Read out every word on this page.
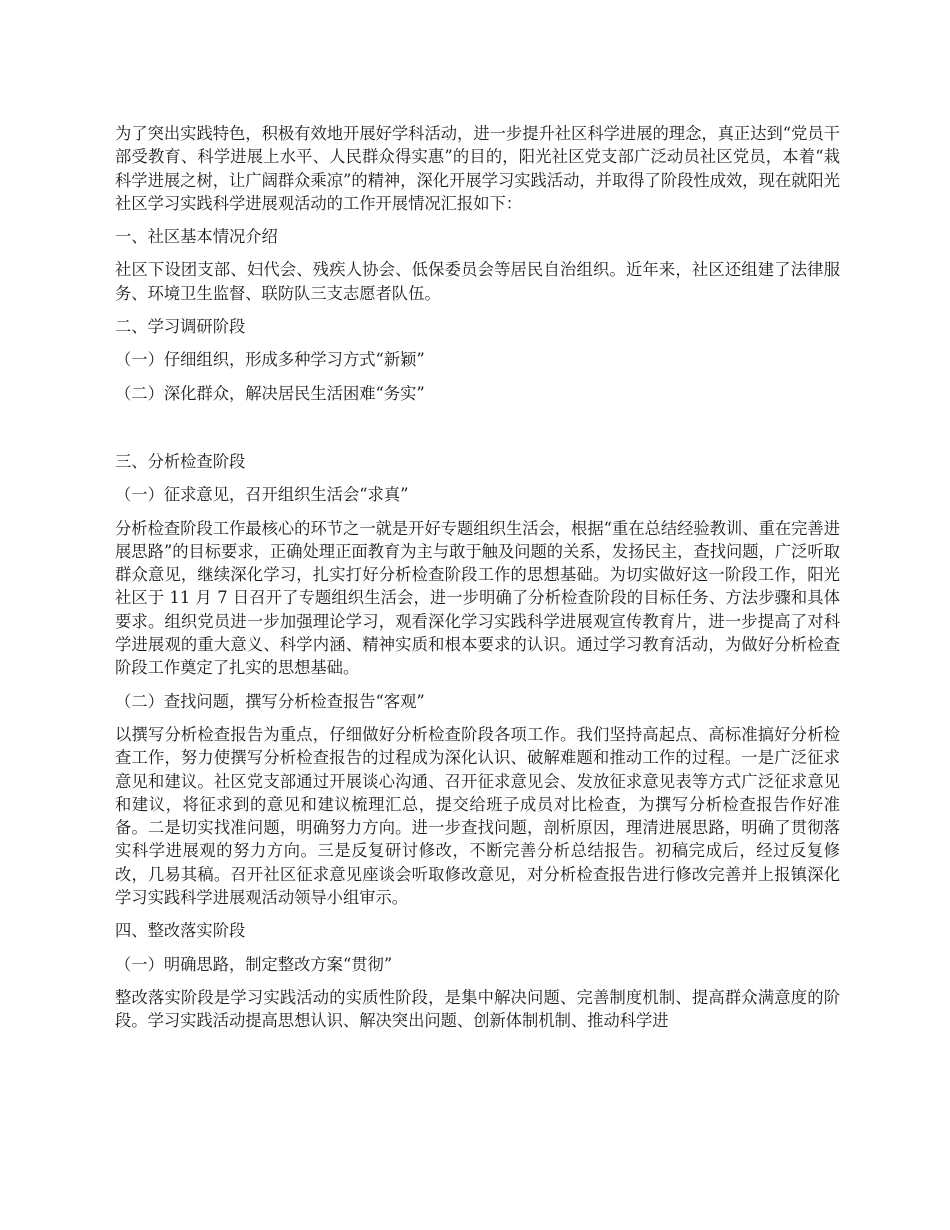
为了突出实践特色，积极有效地开展好学科活动，进一步提升社区科学进展的理念，真正达到“党员干部受教育、科学进展上水平、人民群众得实惠”的目的，阳光社区党支部广泛动员社区党员，本着“栽科学进展之树，让广阔群众乘凉”的精神，深化开展学习实践活动，并取得了阶段性成效，现在就阳光社区学习实践科学进展观活动的工作开展情况汇报如下：

一、社区基本情况介绍

社区下设团支部、妇代会、残疾人协会、低保委员会等居民自治组织。近年来，社区还组建了法律服务、环境卫生监督、联防队三支志愿者队伍。

二、学习调研阶段

（一）仔细组织，形成多种学习方式“新颖”

（二）深化群众，解决居民生活困难“务实”

三、分析检查阶段

（一）征求意见，召开组织生活会“求真”

分析检查阶段工作最核心的环节之一就是开好专题组织生活会，根据“重在总结经验教训、重在完善进展思路”的目标要求，正确处理正面教育为主与敢于触及问题的关系，发扬民主，查找问题，广泛听取群众意见，继续深化学习，扎实打好分析检查阶段工作的思想基础。为切实做好这一阶段工作，阳光社区于 11 月 7 日召开了专题组织生活会，进一步明确了分析检查阶段的目标任务、方法步骤和具体要求。组织党员进一步加强理论学习，观看深化学习实践科学进展观宣传教育片，进一步提高了对科学进展观的重大意义、科学内涵、精神实质和根本要求的认识。通过学习教育活动，为做好分析检查阶段工作奠定了扎实的思想基础。

（二）查找问题，撰写分析检查报告“客观”

以撰写分析检查报告为重点，仔细做好分析检查阶段各项工作。我们坚持高起点、高标准搞好分析检查工作，努力使撰写分析检查报告的过程成为深化认识、破解难题和推动工作的过程。一是广泛征求意见和建议。社区党支部通过开展谈心沟通、召开征求意见会、发放征求意见表等方式广泛征求意见和建议，将征求到的意见和建议梳理汇总，提交给班子成员对比检查，为撰写分析检查报告作好准备。二是切实找准问题，明确努力方向。进一步查找问题，剖析原因，理清进展思路，明确了贯彻落实科学进展观的努力方向。三是反复研讨修改，不断完善分析总结报告。初稿完成后，经过反复修改，几易其稿。召开社区征求意见座谈会听取修改意见，对分析检查报告进行修改完善并上报镇深化学习实践科学进展观活动领导小组审示。

四、整改落实阶段

（一）明确思路，制定整改方案“贯彻”

整改落实阶段是学习实践活动的实质性阶段，是集中解决问题、完善制度机制、提高群众满意度的阶段。学习实践活动提高思想认识、解决突出问题、创新体制机制、推动科学进
